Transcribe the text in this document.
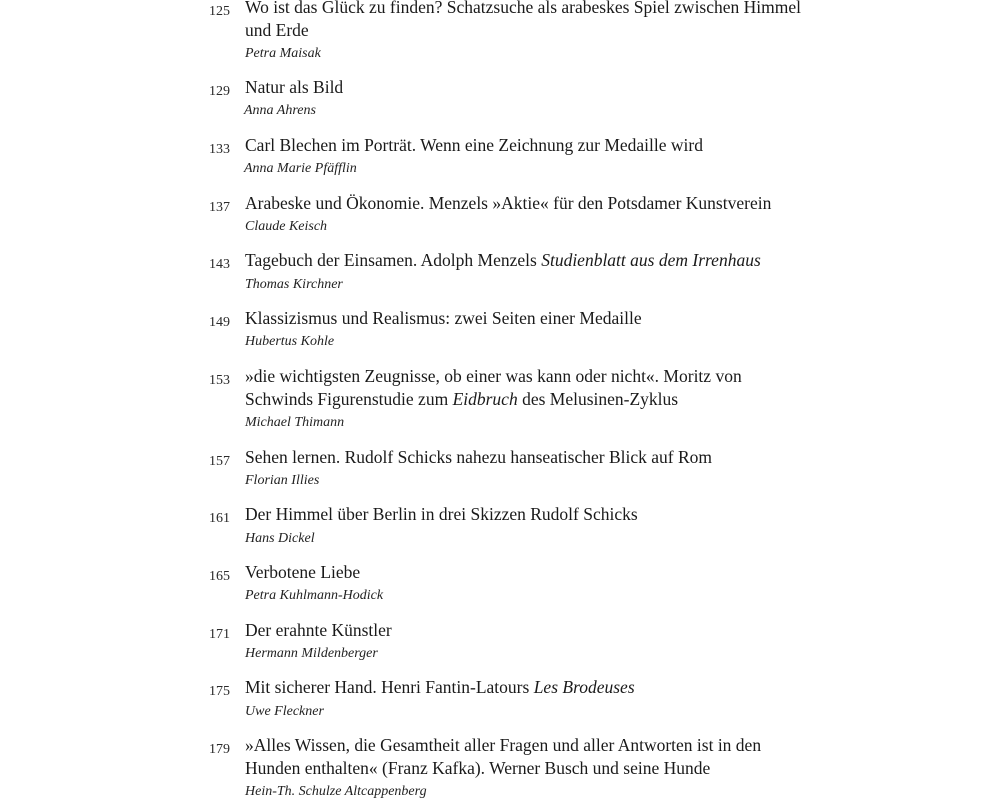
125 Wo ist das Glück zu finden? Schatzsuche als arabeskes Spiel zwischen Himmel und Erde
Petra Maisak
129 Natur als Bild
Anna Ahrens
133 Carl Blechen im Porträt. Wenn eine Zeichnung zur Medaille wird
Anna Marie Pfäfflin
137 Arabeske und Ökonomie. Menzels »Aktie« für den Potsdamer Kunstverein
Claude Keisch
143 Tagebuch der Einsamen. Adolph Menzels Studienblatt aus dem Irrenhaus
Thomas Kirchner
149 Klassizismus und Realismus: zwei Seiten einer Medaille
Hubertus Kohle
153 »die wichtigsten Zeugnisse, ob einer was kann oder nicht«. Moritz von Schwinds Figurenstudie zum Eidbruch des Melusinen-Zyklus
Michael Thimann
157 Sehen lernen. Rudolf Schicks nahezu hanseatischer Blick auf Rom
Florian Illies
161 Der Himmel über Berlin in drei Skizzen Rudolf Schicks
Hans Dickel
165 Verbotene Liebe
Petra Kuhlmann-Hodick
171 Der erahnte Künstler
Hermann Mildenberger
175 Mit sicherer Hand. Henri Fantin-Latours Les Brodeuses
Uwe Fleckner
179 »Alles Wissen, die Gesamtheit aller Fragen und aller Antworten ist in den Hunden enthalten« (Franz Kafka). Werner Busch und seine Hunde
Hein-Th. Schulze Altcappenberg
